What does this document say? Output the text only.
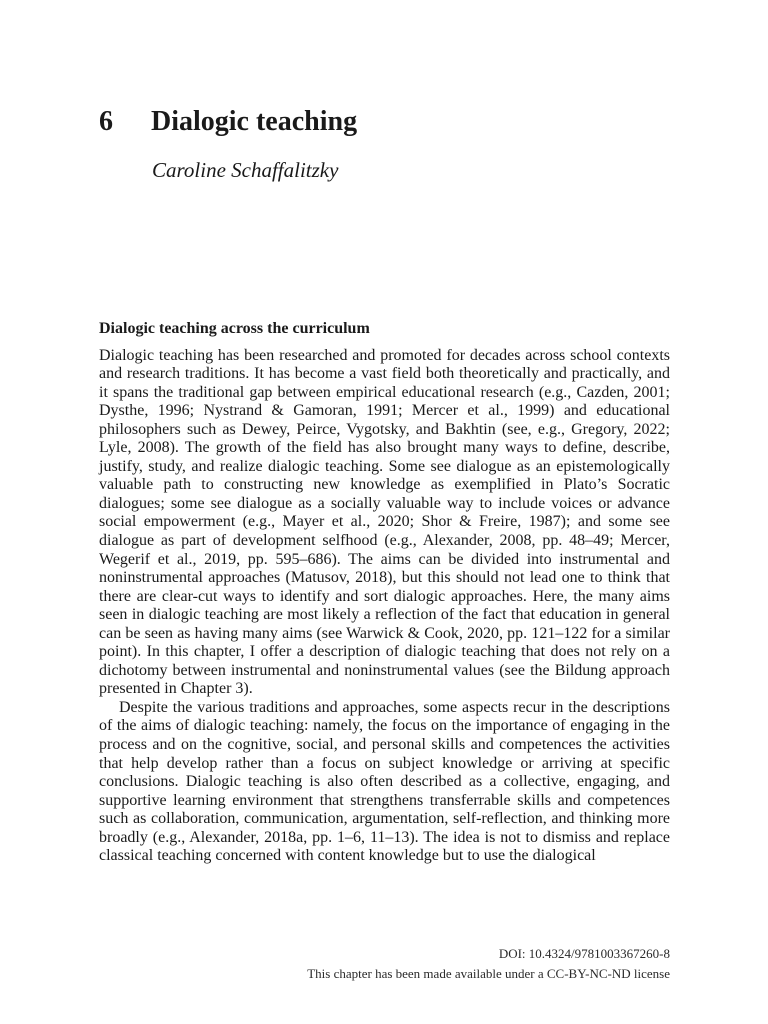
6 Dialogic teaching
Caroline Schaffalitzky
Dialogic teaching across the curriculum

Dialogic teaching has been researched and promoted for decades across school contexts and research traditions. It has become a vast field both theoretically and practically, and it spans the traditional gap between empirical educational research (e.g., Cazden, 2001; Dysthe, 1996; Nystrand & Gamoran, 1991; Mercer et al., 1999) and educational philosophers such as Dewey, Peirce, Vygotsky, and Bakhtin (see, e.g., Gregory, 2022; Lyle, 2008). The growth of the field has also brought many ways to define, describe, justify, study, and realize dialogic teaching. Some see dialogue as an epistemologically valuable path to constructing new knowledge as exemplified in Plato’s Socratic dialogues; some see dialogue as a socially valuable way to include voices or advance social empowerment (e.g., Mayer et al., 2020; Shor & Freire, 1987); and some see dialogue as part of development selfhood (e.g., Alexander, 2008, pp. 48–49; Mercer, Wegerif et al., 2019, pp. 595–686). The aims can be divided into instrumental and noninstrumental approaches (Matusov, 2018), but this should not lead one to think that there are clear-cut ways to identify and sort dialogic approaches. Here, the many aims seen in dialogic teaching are most likely a reflection of the fact that education in general can be seen as having many aims (see Warwick & Cook, 2020, pp. 121–122 for a similar point). In this chapter, I offer a description of dialogic teaching that does not rely on a dichotomy between instrumental and noninstrumental values (see the Bildung approach presented in Chapter 3).

Despite the various traditions and approaches, some aspects recur in the descriptions of the aims of dialogic teaching: namely, the focus on the importance of engaging in the process and on the cognitive, social, and personal skills and competences the activities that help develop rather than a focus on subject knowledge or arriving at specific conclusions. Dialogic teaching is also often described as a collective, engaging, and supportive learning environment that strengthens transferrable skills and competences such as collaboration, communication, argumentation, self-reflection, and thinking more broadly (e.g., Alexander, 2018a, pp. 1–6, 11–13). The idea is not to dismiss and replace classical teaching concerned with content knowledge but to use the dialogical

DOI: 10.4324/9781003367260-8
This chapter has been made available under a CC-BY-NC-ND license
